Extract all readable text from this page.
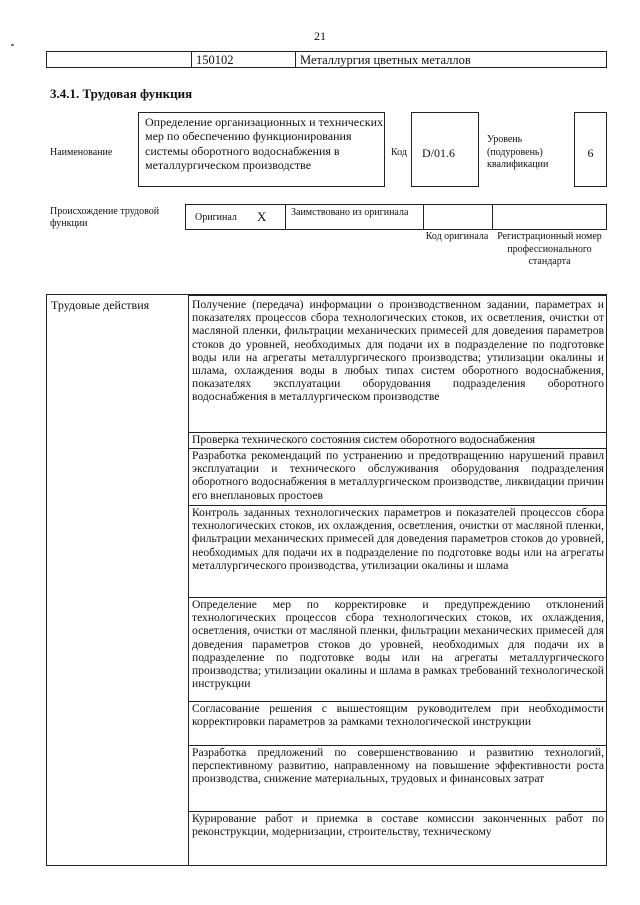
21
150102	Металлургия цветных металлов
3.4.1. Трудовая функция
Наименование
Определение организационных и технических мер по обеспечению функционирования системы оборотного водоснабжения в металлургическом производстве
Код D/01.6
Уровень (подуровень) квалификации
6
Происхождение трудовой функции
Оригинал X Заимствовано из оригинала
Код оригинала Регистрационный номер профессионального стандарта
Трудовые действия	Получение (передача) информации о производственном задании, параметрах и показателях процессов сбора технологических стоков, их осветления, очистки от масляной пленки, фильтрации механических примесей для доведения параметров стоков до уровней, необходимых для подачи их в подразделение по подготовке воды или на агрегаты металлургического производства; утилизации окалины и шлама, охлаждения воды в любых типах систем оборотного водоснабжения, показателях эксплуатации оборудования подразделения оборотного водоснабжения в металлургическом производстве
Проверка технического состояния систем оборотного водоснабжения
Разработка рекомендаций по устранению и предотвращению нарушений правил эксплуатации и технического обслуживания оборудования подразделения оборотного водоснабжения в металлургическом производстве, ликвидации причин его внеплановых простоев
Контроль заданных технологических параметров и показателей процессов сбора технологических стоков, их охлаждения, осветления, очистки от масляной пленки, фильтрации механических примесей для доведения параметров стоков до уровней, необходимых для подачи их в подразделение по подготовке воды или на агрегаты металлургического производства, утилизации окалины и шлама
Определение мер по корректировке и предупреждению отклонений технологических процессов сбора технологических стоков, их охлаждения, осветления, очистки от масляной пленки, фильтрации механических примесей для доведения параметров стоков до уровней, необходимых для подачи их в подразделение по подготовке воды или на агрегаты металлургического производства; утилизации окалины и шлама в рамках требований технологической инструкции
Согласование решения с вышестоящим руководителем при необходимости корректировки параметров за рамками технологической инструкции
Разработка предложений по совершенствованию и развитию технологий, перспективному развитию, направленному на повышение эффективности роста производства, снижение материальных, трудовых и финансовых затрат
Курирование работ и приемка в составе комиссии законченных работ по реконструкции, модернизации, строительству, техническому
